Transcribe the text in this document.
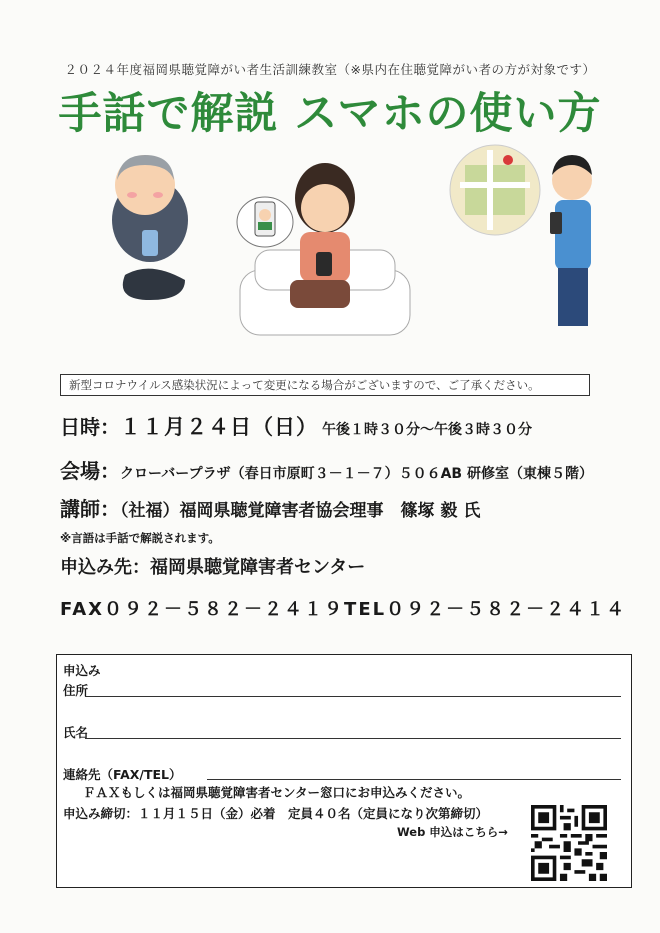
２０２４年度福岡県聴覚障がい者生活訓練教室（※県内在住聴覚障がい者の方が対象です）
手話で解説 スマホの使い方
新型コロナウイルス感染状況によって変更になる場合がございますので、ご了承ください。
日時：１１月２４日（日） 午後１時３０分～午後３時３０分
会場：クローバープラザ（春日市原町３－１－７）５０６AB 研修室（東棟５階）
講師：（社福）福岡県聴覚障害者協会理事　篠塚 毅 氏
※言語は手話で解説されます。
申込み先：福岡県聴覚障害者センター
FAX０９２－５８２－２４１９TEL０９２－５８２－２４１４
申込み
住所
氏名
連絡先（FAX/TEL）
ＦＡＸもしくは福岡県聴覚障害者センター窓口にお申込みください。
申込み締切：１１月１５日（金）必着　定員４０名（定員になり次第締切）
Web 申込はこちら→
